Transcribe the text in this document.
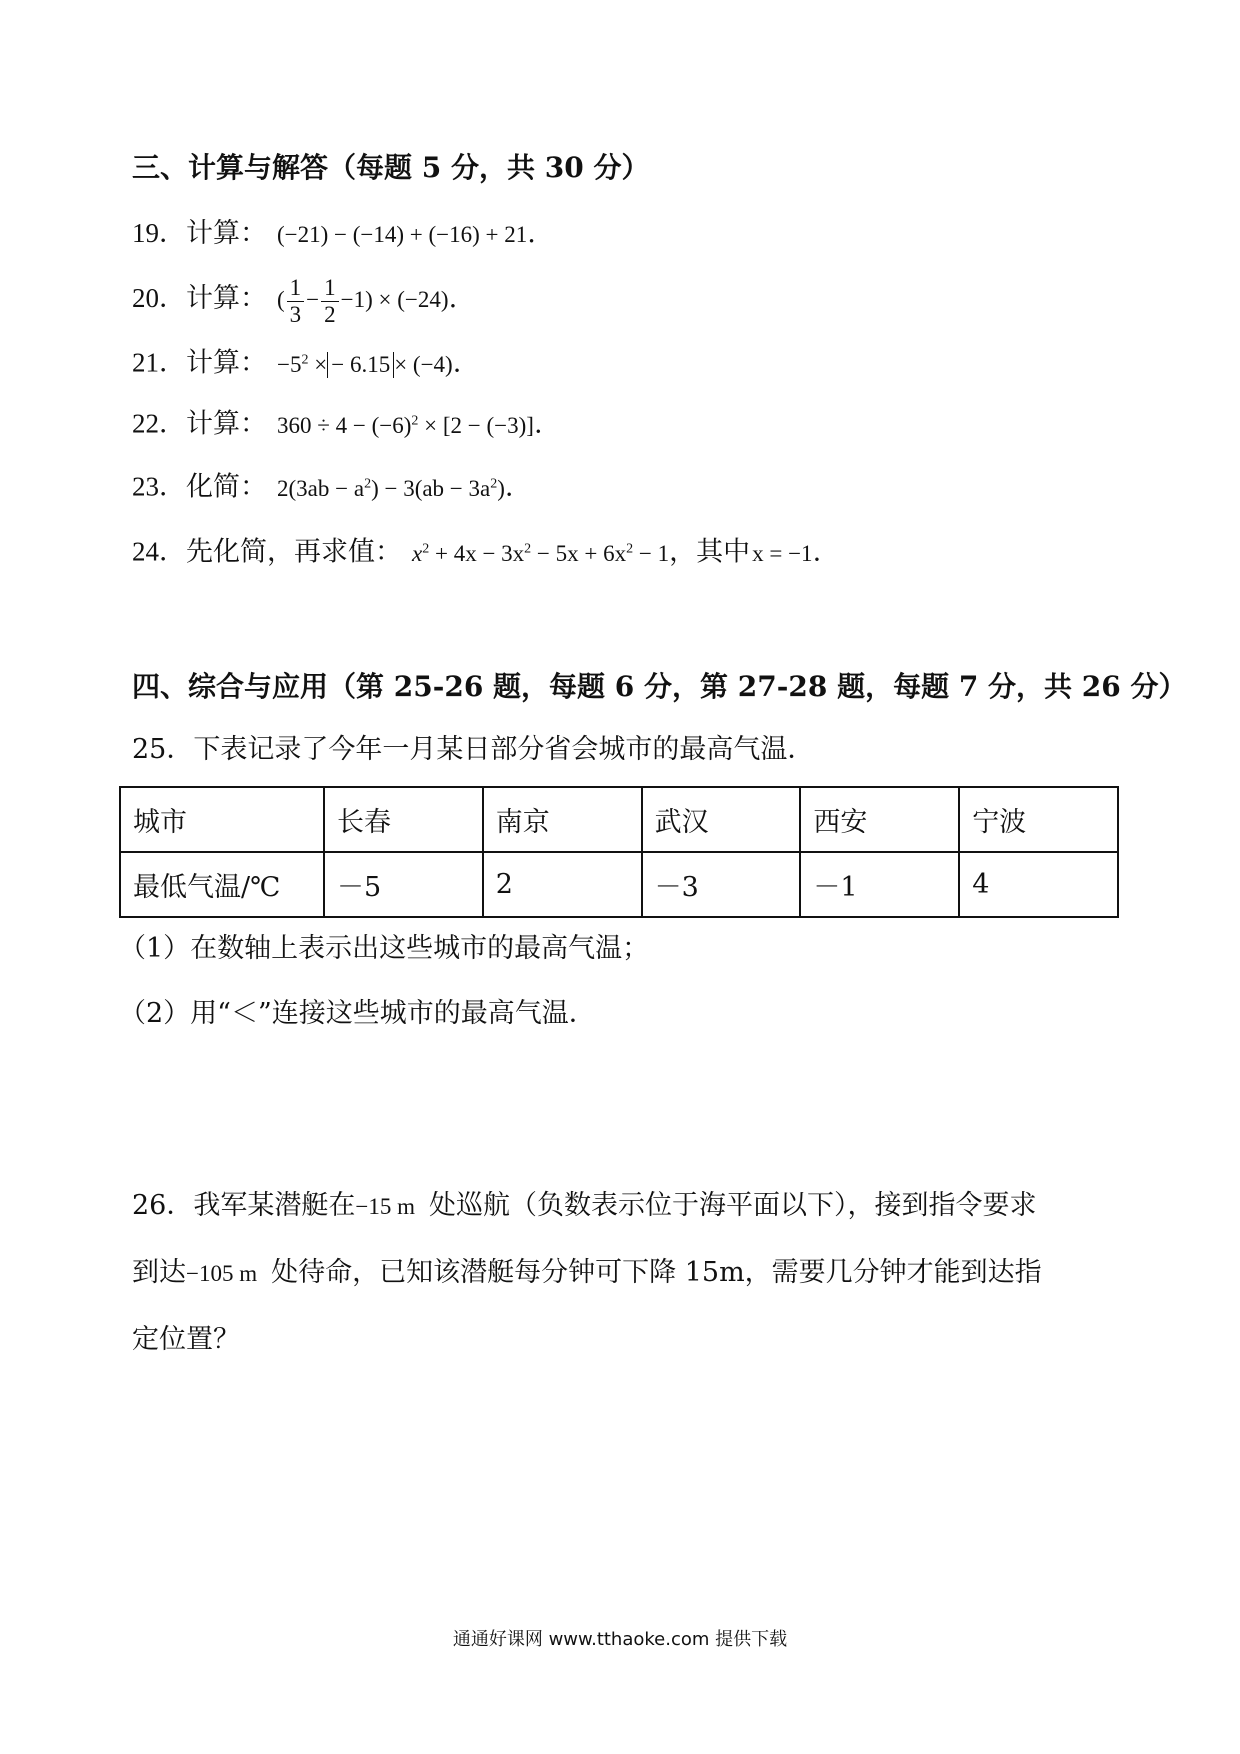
三、计算与解答（每题 5 分，共 30 分）
19．计算： (−21) − (−14) + (−16) + 21.
20．计算： ( $\frac{1}{3} - \frac{1}{2} -1) \times (-24)$.
21．计算： $-5^2$ × − 6.15 × (−4).
22．计算： $360 \div 4 - (-6)^2 \times [2 - (-3)]$.
23．化简： $2(3ab - a^2) - 3(ab - 3a^2)$.
24．先化简，再求值： $x^2 + 4x - 3x^2 - 5x + 6x^2 - 1$，其中x = −1.
四、综合与应用（第 25-26 题，每题 6 分，第 27-28 题，每题 7 分，共 26 分）
25．下表记录了今年一月某日部分省会城市的最高气温．
城市	长春	南京	武汉	西安	宁波
最低气温/℃	－5	2	－3	－1	4
（1）在数轴上表示出这些城市的最高气温；
（2）用“＜”连接这些城市的最高气温．
26．我军某潜艇在−15 m 处巡航（负数表示位于海平面以下），接到指令要求
到达−105 m 处待命，已知该潜艇每分钟可下降 15m，需要几分钟才能到达指
定位置？
通通好课网 www.tthaoke.com 提供下载
